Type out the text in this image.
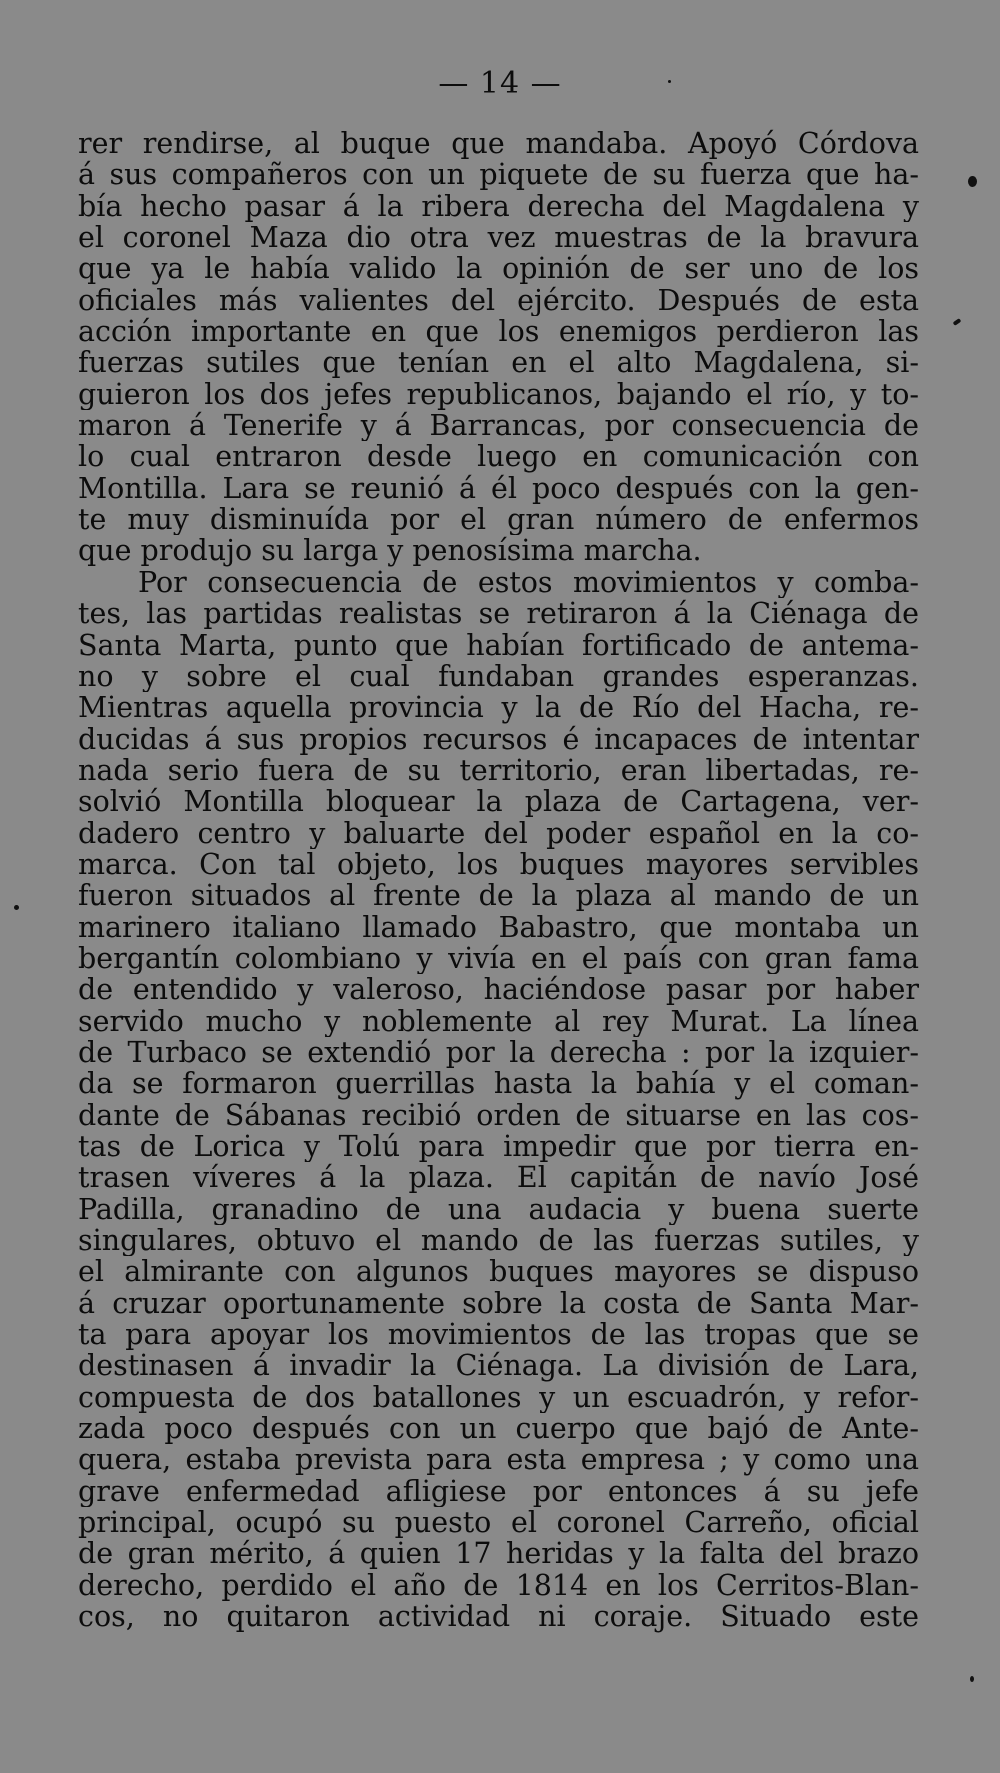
— 14 —
rer rendirse, al buque que mandaba. Apoyó Córdova
á sus compañeros con un piquete de su fuerza que ha-
bía hecho pasar á la ribera derecha del Magdalena y
el coronel Maza dio otra vez muestras de la bravura
que ya le había valido la opinión de ser uno de los
oficiales más valientes del ejército. Después de esta
acción importante en que los enemigos perdieron las
fuerzas sutiles que tenían en el alto Magdalena, si-
guieron los dos jefes republicanos, bajando el río, y to-
maron á Tenerife y á Barrancas, por consecuencia de
lo cual entraron desde luego en comunicación con
Montilla. Lara se reunió á él poco después con la gen-
te muy disminuída por el gran número de enfermos
que produjo su larga y penosísima marcha.
Por consecuencia de estos movimientos y comba-
tes, las partidas realistas se retiraron á la Ciénaga de
Santa Marta, punto que habían fortificado de antema-
no y sobre el cual fundaban grandes esperanzas.
Mientras aquella provincia y la de Río del Hacha, re-
ducidas á sus propios recursos é incapaces de intentar
nada serio fuera de su territorio, eran libertadas, re-
solvió Montilla bloquear la plaza de Cartagena, ver-
dadero centro y baluarte del poder español en la co-
marca. Con tal objeto, los buques mayores servibles
fueron situados al frente de la plaza al mando de un
marinero italiano llamado Babastro, que montaba un
bergantín colombiano y vivía en el país con gran fama
de entendido y valeroso, haciéndose pasar por haber
servido mucho y noblemente al rey Murat. La línea
de Turbaco se extendió por la derecha : por la izquier-
da se formaron guerrillas hasta la bahía y el coman-
dante de Sábanas recibió orden de situarse en las cos-
tas de Lorica y Tolú para impedir que por tierra en-
trasen víveres á la plaza. El capitán de navío José
Padilla, granadino de una audacia y buena suerte
singulares, obtuvo el mando de las fuerzas sutiles, y
el almirante con algunos buques mayores se dispuso
á cruzar oportunamente sobre la costa de Santa Mar-
ta para apoyar los movimientos de las tropas que se
destinasen á invadir la Ciénaga. La división de Lara,
compuesta de dos batallones y un escuadrón, y refor-
zada poco después con un cuerpo que bajó de Ante-
quera, estaba prevista para esta empresa ; y como una
grave enfermedad afligiese por entonces á su jefe
principal, ocupó su puesto el coronel Carreño, oficial
de gran mérito, á quien 17 heridas y la falta del brazo
derecho, perdido el año de 1814 en los Cerritos-Blan-
cos, no quitaron actividad ni coraje. Situado este
